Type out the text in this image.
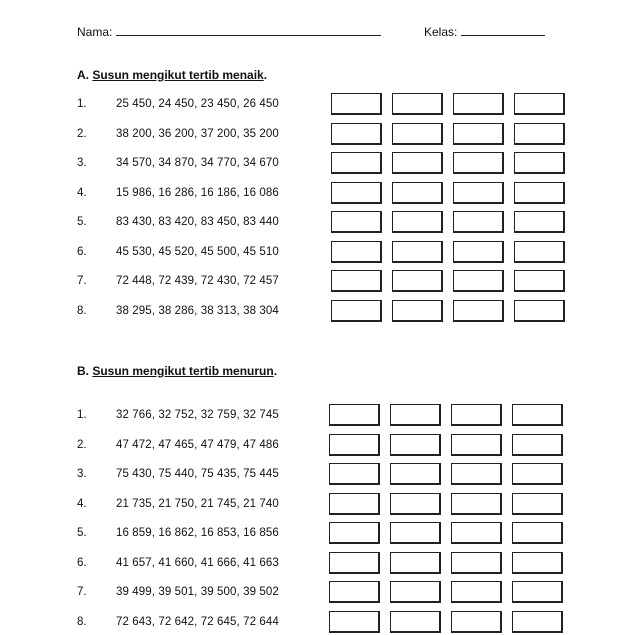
Nama:	Kelas:
A. Susun mengikut tertib menaik.
1.	25 450, 24 450, 23 450, 26 450
2.	38 200, 36 200, 37 200, 35 200
3.	34 570, 34 870, 34 770, 34 670
4.	15 986, 16 286, 16 186, 16 086
5.	83 430, 83 420, 83 450, 83 440
6.	45 530, 45 520, 45 500, 45 510
7.	72 448, 72 439, 72 430, 72 457
8.	38 295, 38 286, 38 313, 38 304
B. Susun mengikut tertib menurun.
1.	32 766, 32 752, 32 759, 32 745
2.	47 472, 47 465, 47 479, 47 486
3.	75 430, 75 440, 75 435, 75 445
4.	21 735, 21 750, 21 745, 21 740
5.	16 859, 16 862, 16 853, 16 856
6.	41 657, 41 660, 41 666, 41 663
7.	39 499, 39 501, 39 500, 39 502
8.	72 643, 72 642, 72 645, 72 644
